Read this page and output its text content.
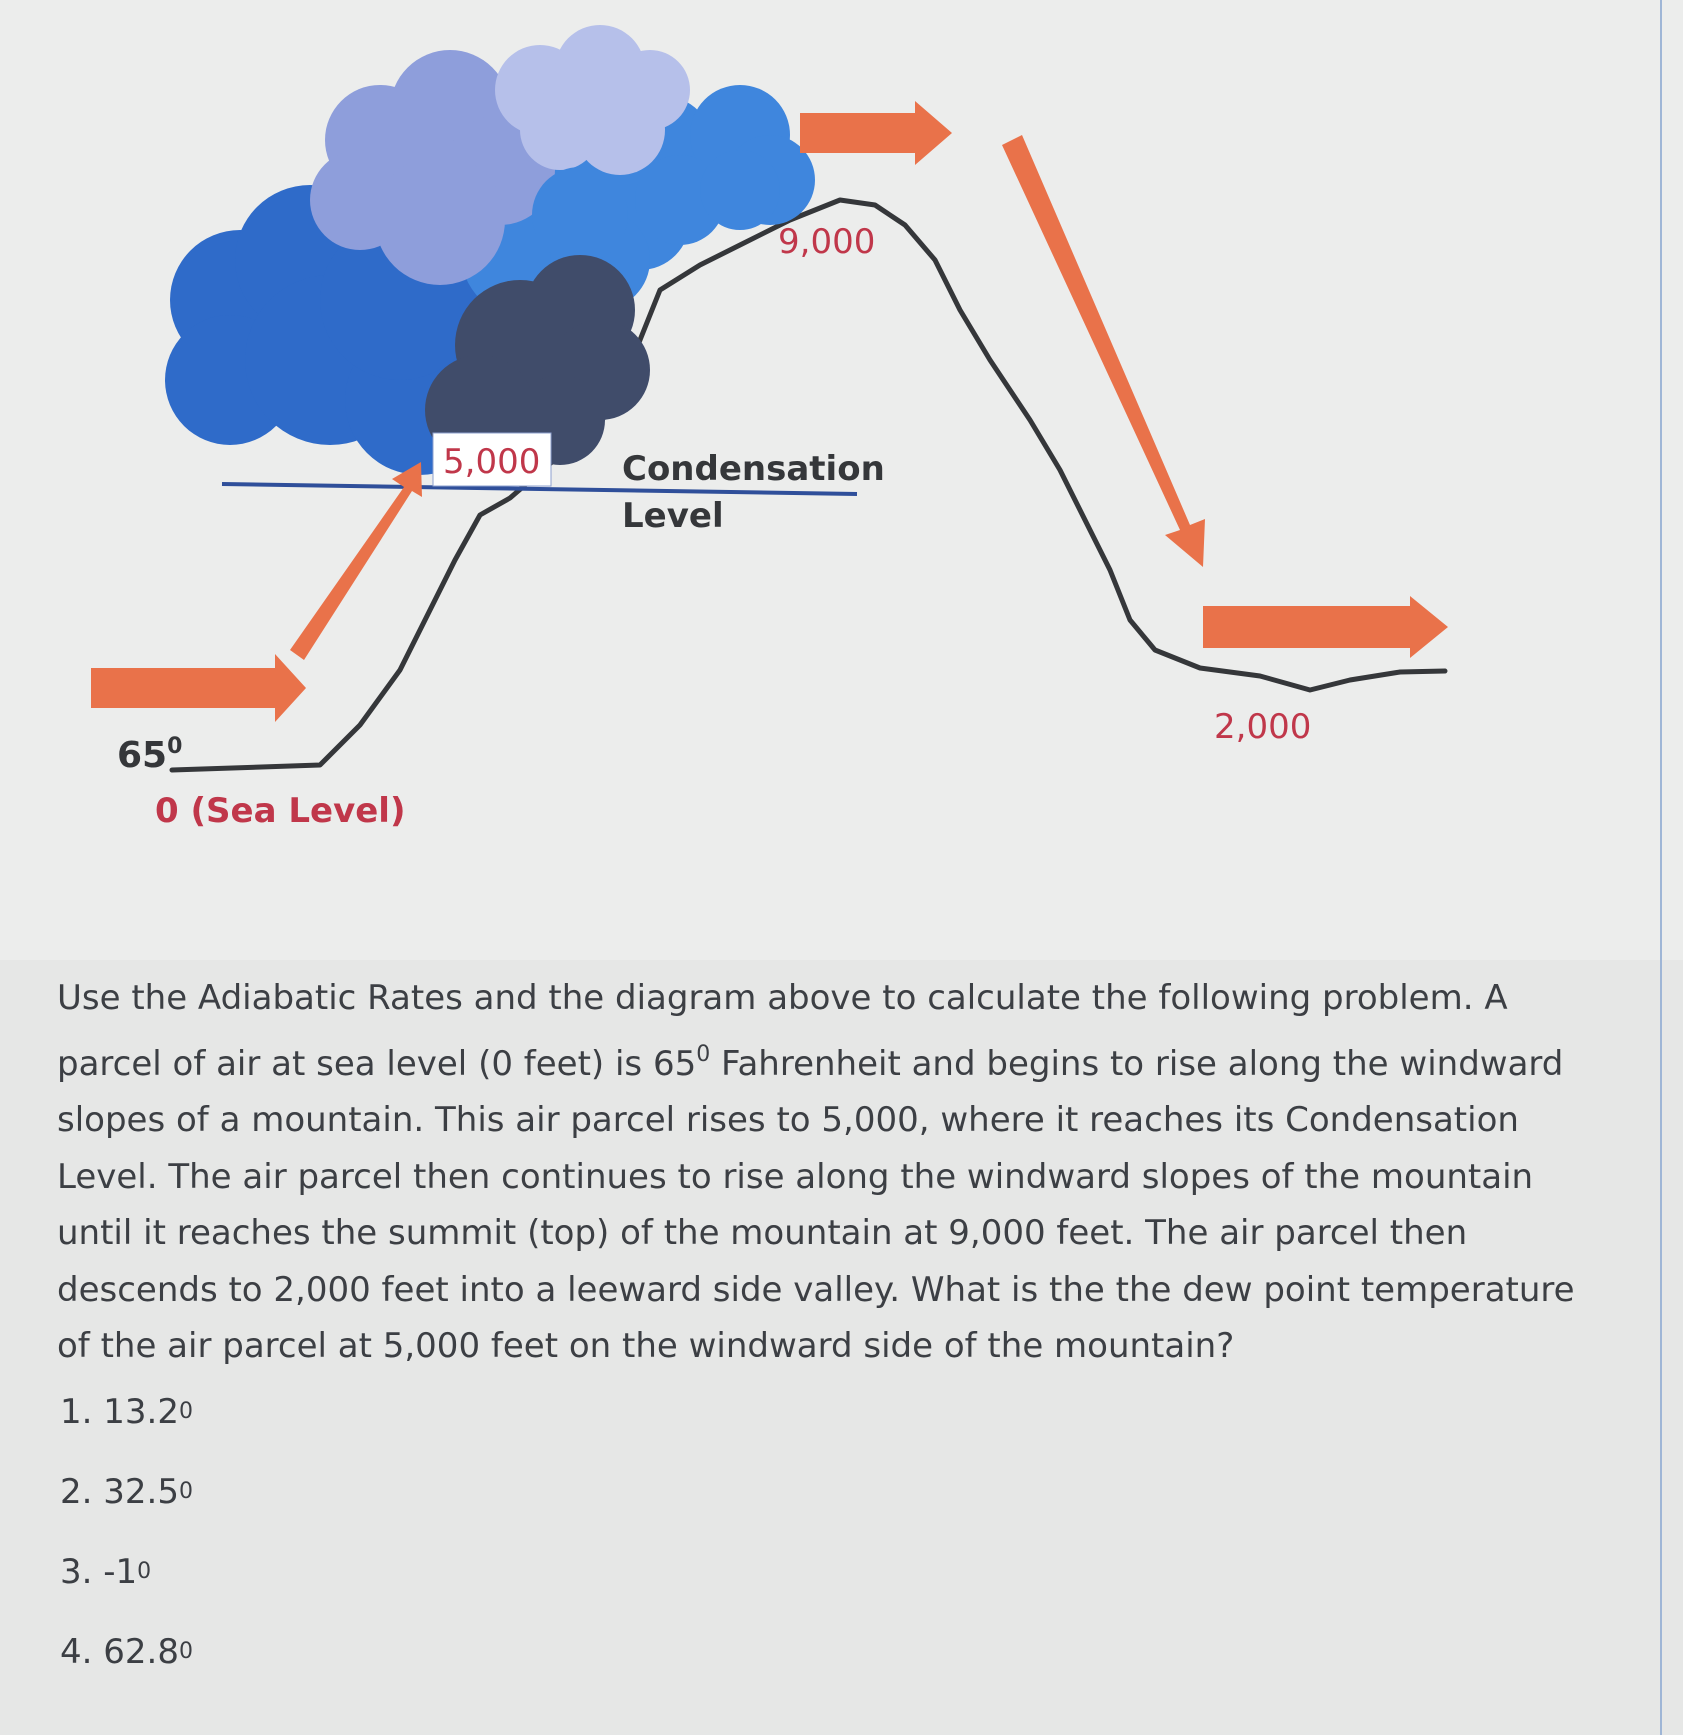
$65^0$
0 (Sea Level)
5,000 Condensation
Level
9,000
2,000
Use the Adiabatic Rates and the diagram above to calculate the following problem. A parcel of air at sea level (0 feet) is $65^0$ Fahrenheit and begins to rise along the windward slopes of a mountain. This air parcel rises to 5,000, where it reaches its Condensation Level. The air parcel then continues to rise along the windward slopes of the mountain until it reaches the summit (top) of the mountain at 9,000 feet. The air parcel then descends to 2,000 feet into a leeward side valley. What is the the dew point temperature of the air parcel at 5,000 feet on the windward side of the mountain?
1. 13.2 0
2. 32.5 0
3. -1 0
4. 62.8 0
